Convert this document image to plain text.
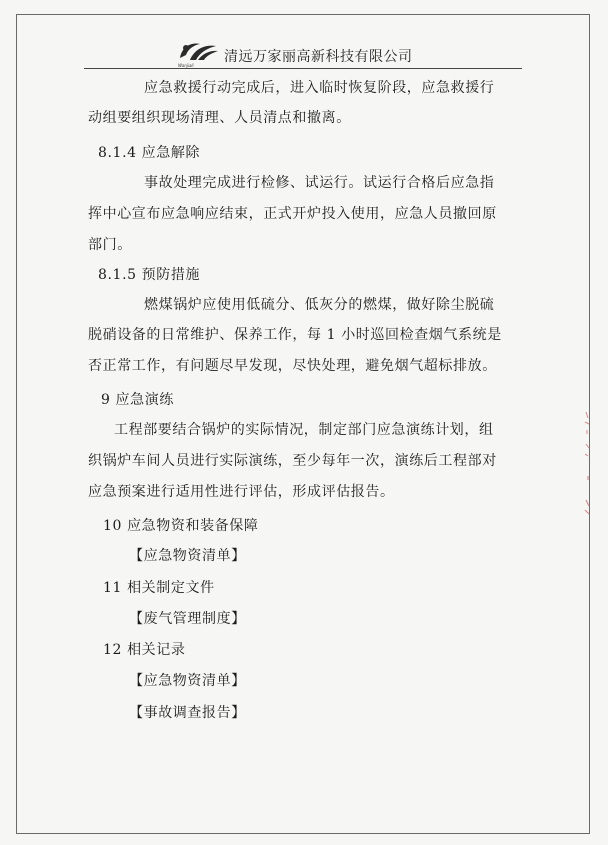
Wanjiali
清远万家丽高新科技有限公司
应急救援行动完成后，进入临时恢复阶段，应急救援行
动组要组织现场清理、人员清点和撤离。
8.1.4 应急解除
事故处理完成进行检修、试运行。试运行合格后应急指
挥中心宣布应急响应结束，正式开炉投入使用，应急人员撤回原
部门。
8.1.5 预防措施
燃煤锅炉应使用低硫分、低灰分的燃煤，做好除尘脱硫
脱硝设备的日常维护、保养工作，每 1 小时巡回检查烟气系统是
否正常工作，有问题尽早发现，尽快处理，避免烟气超标排放。
9 应急演练
工程部要结合锅炉的实际情况，制定部门应急演练计划，组
织锅炉车间人员进行实际演练，至少每年一次，演练后工程部对
应急预案进行适用性进行评估，形成评估报告。
10 应急物资和装备保障
【应急物资清单】
11 相关制定文件
【废气管理制度】
12 相关记录
【应急物资清单】
【事故调查报告】
